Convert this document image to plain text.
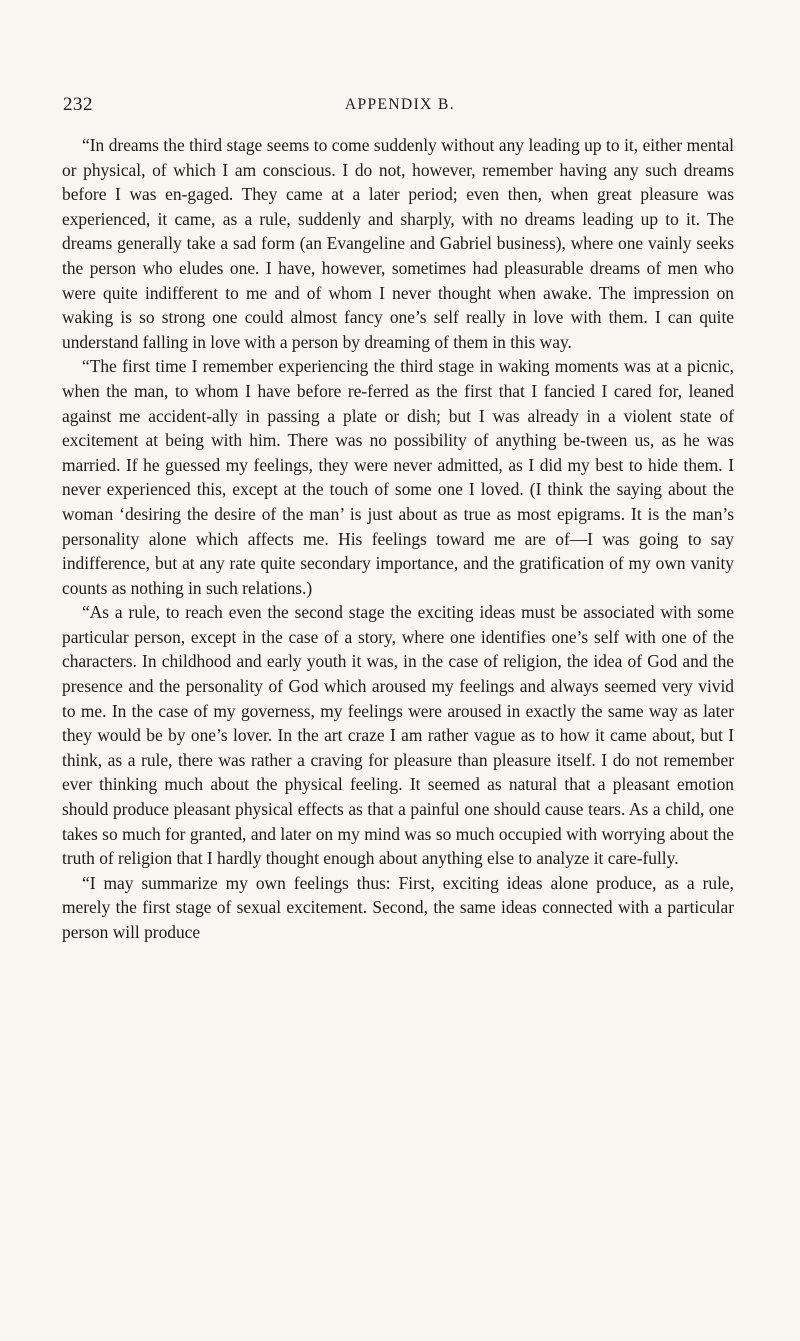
232	APPENDIX B.

“In dreams the third stage seems to come suddenly without any leading up to it, either mental or physical, of which I am conscious. I do not, however, remember having any such dreams before I was en-gaged. They came at a later period; even then, when great pleasure was experienced, it came, as a rule, suddenly and sharply, with no dreams leading up to it. The dreams generally take a sad form (an Evangeline and Gabriel business), where one vainly seeks the person who eludes one. I have, however, sometimes had pleasurable dreams of men who were quite indifferent to me and of whom I never thought when awake. The impression on waking is so strong one could almost fancy one’s self really in love with them. I can quite understand falling in love with a person by dreaming of them in this way.

“The first time I remember experiencing the third stage in waking moments was at a picnic, when the man, to whom I have before re-ferred as the first that I fancied I cared for, leaned against me accident-ally in passing a plate or dish; but I was already in a violent state of excitement at being with him. There was no possibility of anything be-tween us, as he was married. If he guessed my feelings, they were never admitted, as I did my best to hide them. I never experienced this, except at the touch of some one I loved. (I think the saying about the woman ‘desiring the desire of the man’ is just about as true as most epigrams. It is the man’s personality alone which affects me. His feelings toward me are of—I was going to say indifference, but at any rate quite secondary importance, and the gratification of my own vanity counts as nothing in such relations.)

“As a rule, to reach even the second stage the exciting ideas must be associated with some particular person, except in the case of a story, where one identifies one’s self with one of the characters. In childhood and early youth it was, in the case of religion, the idea of God and the presence and the personality of God which aroused my feelings and always seemed very vivid to me. In the case of my governess, my feelings were aroused in exactly the same way as later they would be by one’s lover. In the art craze I am rather vague as to how it came about, but I think, as a rule, there was rather a craving for pleasure than pleasure itself. I do not remember ever thinking much about the physical feeling. It seemed as natural that a pleasant emotion should produce pleasant physical effects as that a painful one should cause tears. As a child, one takes so much for granted, and later on my mind was so much occupied with worrying about the truth of religion that I hardly thought enough about anything else to analyze it care-fully.

“I may summarize my own feelings thus: First, exciting ideas alone produce, as a rule, merely the first stage of sexual excitement. Second, the same ideas connected with a particular person will produce
